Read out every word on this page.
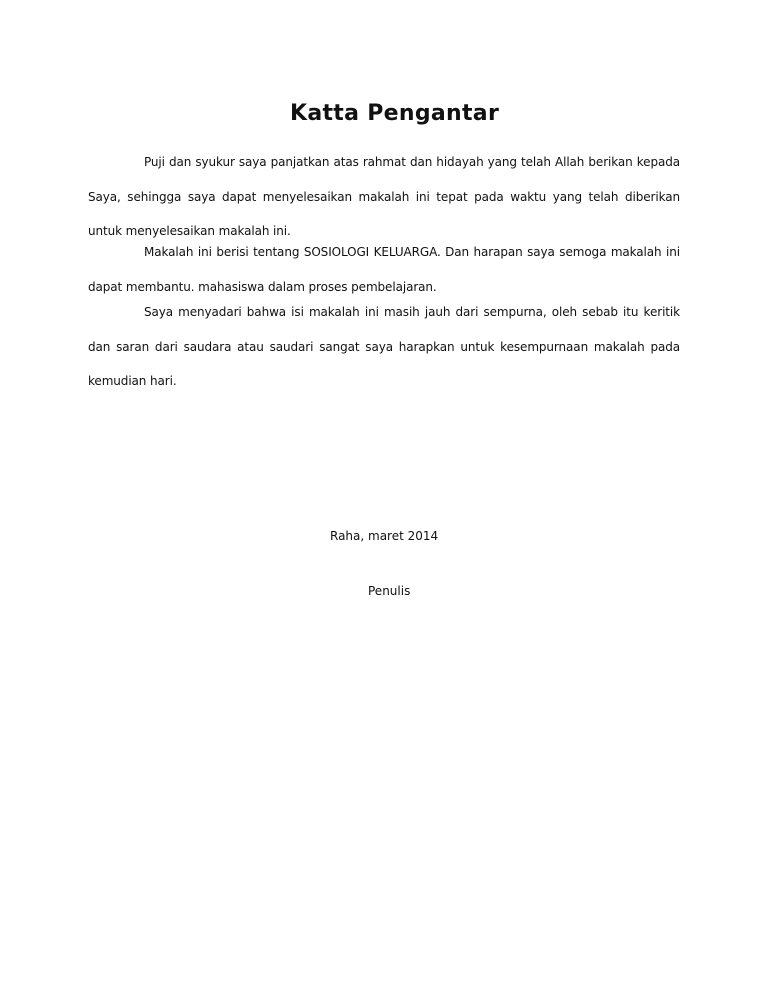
Katta Pengantar

Puji dan syukur saya panjatkan atas rahmat dan hidayah yang telah Allah berikan kepada Saya, sehingga saya dapat menyelesaikan makalah ini tepat pada waktu yang telah diberikan untuk menyelesaikan makalah ini.

Makalah ini berisi tentang SOSIOLOGI KELUARGA. Dan harapan saya semoga makalah ini dapat membantu. mahasiswa dalam proses pembelajaran.

Saya menyadari bahwa isi makalah ini masih jauh dari sempurna, oleh sebab itu keritik dan saran dari saudara atau saudari sangat saya harapkan untuk kesempurnaan makalah pada kemudian hari.

Raha, maret 2014
Penulis
